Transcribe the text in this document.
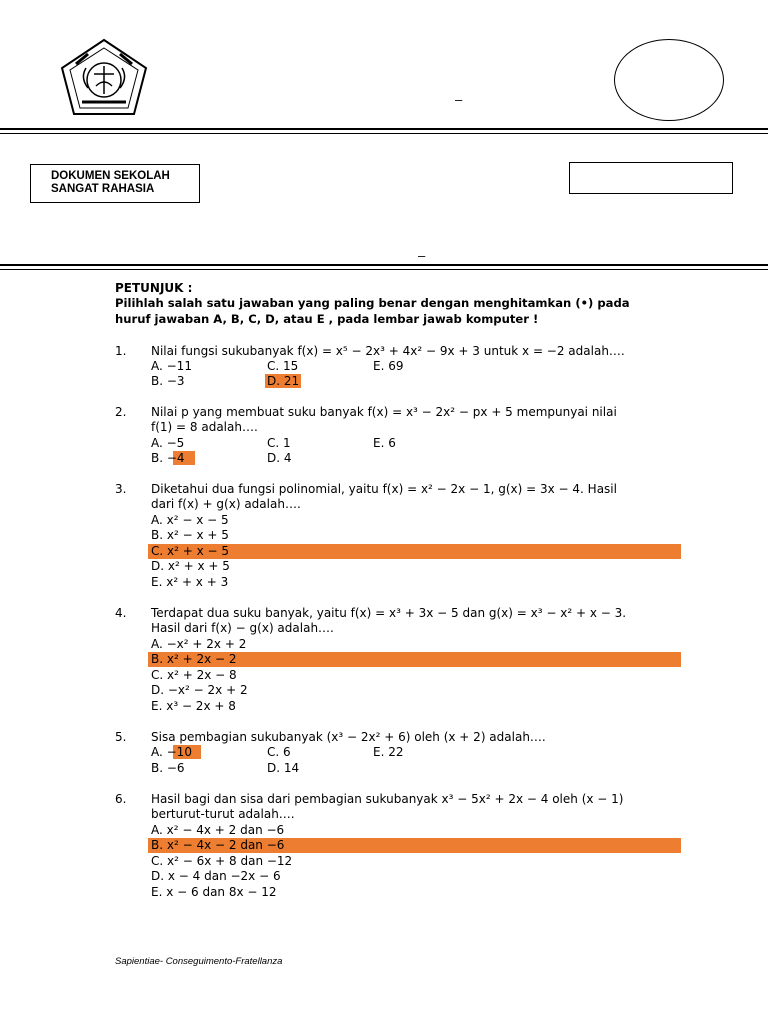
–
DOKUMEN SEKOLAH
SANGAT RAHASIA
–
PETUNJUK :
Pilihlah salah satu jawaban yang paling benar dengan menghitamkan (•) pada
huruf jawaban A, B, C, D, atau E , pada lembar jawab komputer !
1. Nilai fungsi sukubanyak f(x) = x⁵ − 2x³ + 4x² − 9x + 3 untuk x = −2 adalah….
A. −11	C. 15	E. 69
B. −3	D. 21
2. Nilai p yang membuat suku banyak f(x) = x³ − 2x² − px + 5 mempunyai nilai
f(1) = 8 adalah….
A. −5	C. 1	E. 6
B. −4	D. 4
3. Diketahui dua fungsi polinomial, yaitu f(x) = x² − 2x − 1, g(x) = 3x − 4. Hasil
dari f(x) + g(x) adalah….
A. x² − x − 5
B. x² − x + 5
C. x² + x − 5
D. x² + x + 5
E. x² + x + 3
4. Terdapat dua suku banyak, yaitu f(x) = x³ + 3x − 5 dan g(x) = x³ − x² + x − 3.
Hasil dari f(x) − g(x) adalah….
A. −x² + 2x + 2
B. x² + 2x − 2
C. x² + 2x − 8
D. −x² − 2x + 2
E. x³ − 2x + 8
5. Sisa pembagian sukubanyak (x³ − 2x² + 6) oleh (x + 2) adalah….
A. −10	C. 6	E. 22
B. −6	D. 14
6. Hasil bagi dan sisa dari pembagian sukubanyak x³ − 5x² + 2x − 4 oleh (x − 1)
berturut-turut adalah….
A. x² − 4x + 2 dan −6
B. x² − 4x − 2 dan −6
C. x² − 6x + 8 dan −12
D. x − 4 dan −2x − 6
E. x − 6 dan 8x − 12
Sapientiae- Conseguimento-Fratellanza
